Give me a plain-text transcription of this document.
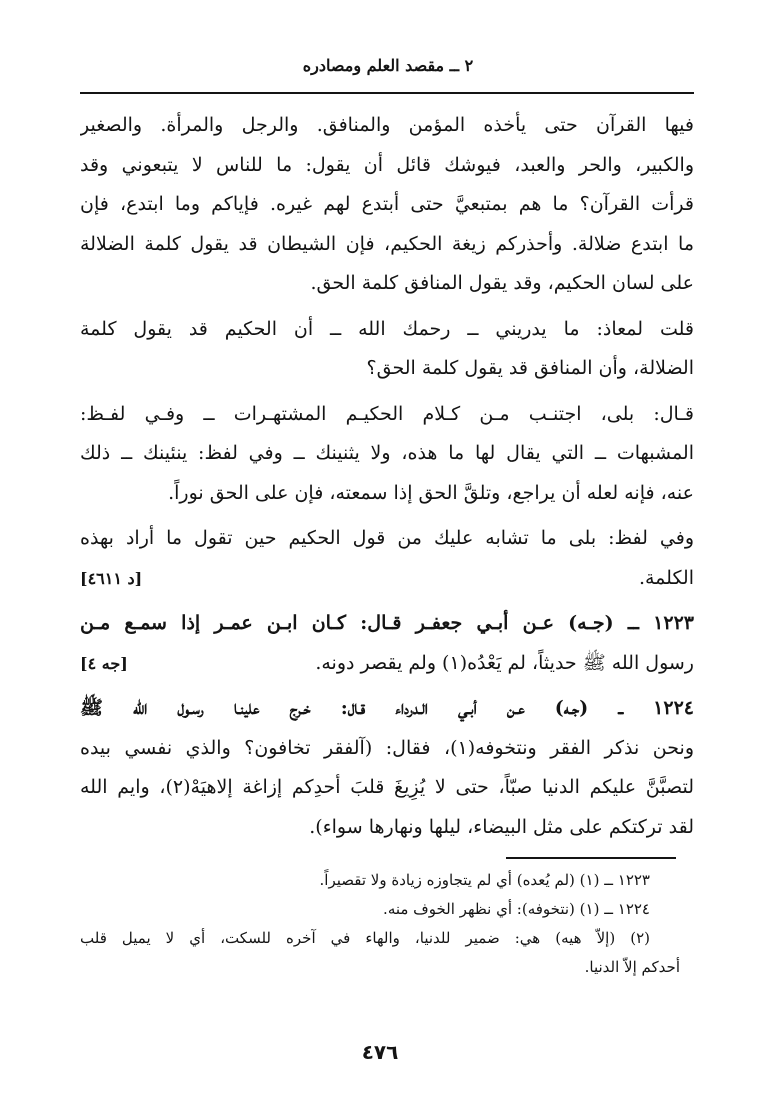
٢ ــ مقصد العلم ومصادره
فيها القرآن حتى يأخذه المؤمن والمنافق. والرجل والمرأة. والصغير
والكبير، والحر والعبد، فيوشك قائل أن يقول: ما للناس لا يتبعوني وقد
قرأت القرآن؟ ما هم بمتبعيَّ حتى أبتدع لهم غيره. فإياكم وما ابتدع، فإن
ما ابتدع ضلالة. وأحذركم زيغة الحكيم، فإن الشيطان قد يقول كلمة الضلالة
على لسان الحكيم، وقد يقول المنافق كلمة الحق.
قلت لمعاذ: ما يدريني ــ رحمك الله ــ أن الحكيم قد يقول كلمة
الضلالة، وأن المنافق قد يقول كلمة الحق؟
قـال: بلى، اجتنـب مـن كـلام الحكيـم المشتهـرات ــ وفـي لفـظ:
المشبهات ــ التي يقال لها ما هذه، ولا يثنينك ــ وفي لفظ: ينئينك ــ ذلك
عنه، فإنه لعله أن يراجع، وتلقَّ الحق إذا سمعته، فإن على الحق نوراً.
وفي لفظ: بلى ما تشابه عليك من قول الحكيم حين تقول ما أراد بهذه
[د ٤٦١١]	الكلمة.
١٢٢٣ ــ (جـه) عـن أبـي جعفـر قـال: كـان ابـن عمـر إذا سمـع مـن
[جه ٤]	رسول الله ﷺ حديثاً، لم يَعْدُه(١) ولم يقصر دونه.
١٢٢٤ ــ (جـه) عـن أبـي الـدرداء قـال: خـرج علينـا رسـول الله ﷺ
ونحن نذكر الفقر ونتخوفه(١)، فقال: (آلفقر تخافون؟ والذي نفسي بيده
لتصبَّنَّ عليكم الدنيا صبّاً، حتى لا يُزِيغَ قلبَ أحدِكم إزاغة إلاهيَهْ(٢)، وايم الله
لقد تركتكم على مثل البيضاء، ليلها ونهارها سواء).
١٢٢٣ ــ (١) (لم يُعده) أي لم يتجاوزه زيادة ولا تقصيراً.
١٢٢٤ ــ (١) (نتخوفه): أي نظهر الخوف منه.
(٢) (إلاّ هيه) هي: ضمير للدنيا، والهاء في آخره للسكت، أي لا يميل قلب
أحدكم إلاّ الدنيا.
٤٧٦
